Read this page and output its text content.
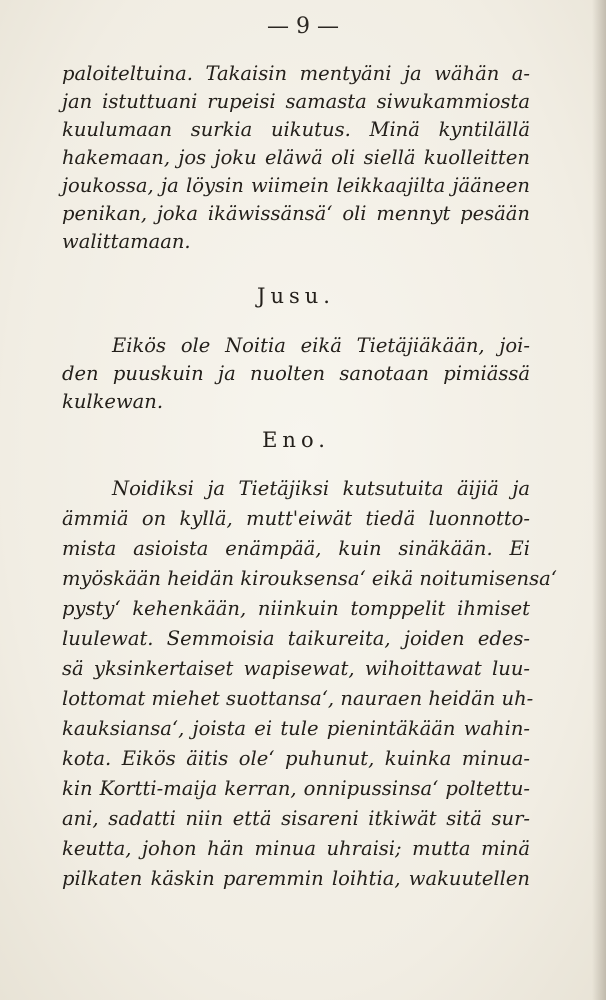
— 9 —
paloiteltuina. Takaisin mentyäni ja wähän a-
jan istuttuani rupeisi samasta siwukammiosta
kuulumaan surkia uikutus. Minä kyntilällä
hakemaan, jos joku eläwä oli siellä kuolleitten
joukossa, ja löysin wiimein leikkaajilta jääneen
penikan, joka ikäwissänsä‘ oli mennyt pesään
walittamaan.
Jusu.
Eikös ole Noitia eikä Tietäjiäkään, joi-
den puuskuin ja nuolten sanotaan pimiässä
kulkewan.
Eno.
Noidiksi ja Tietäjiksi kutsutuita äijiä ja
ämmiä on kyllä, mutt'eiwät tiedä luonnotto-
mista asioista enämpää, kuin sinäkään. Ei
myöskään heidän kirouksensa‘ eikä noitumisensa‘
pysty‘ kehenkään, niinkuin tomppelit ihmiset
luulewat. Semmoisia taikureita, joiden edes-
sä yksinkertaiset wapisewat, wihoittawat luu-
lottomat miehet suottansa‘, nauraen heidän uh-
kauksiansa‘, joista ei tule pienintäkään wahin-
kota. Eikös äitis ole‘ puhunut, kuinka minua-
kin Kortti-maija kerran, onnipussinsa‘ poltettu-
ani, sadatti niin että sisareni itkiwät sitä sur-
keutta, johon hän minua uhraisi; mutta minä
pilkaten käskin paremmin loihtia, wakuutellen
